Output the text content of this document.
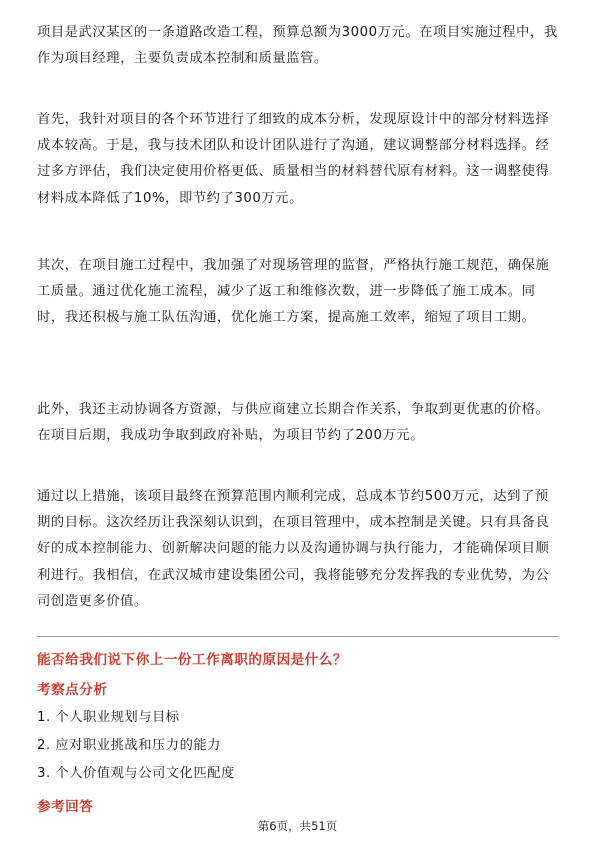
项目是武汉某区的一条道路改造工程，预算总额为3000万元。在项目实施过程中，我作为项目经理，主要负责成本控制和质量监管。

首先，我针对项目的各个环节进行了细致的成本分析，发现原设计中的部分材料选择成本较高。于是，我与技术团队和设计团队进行了沟通，建议调整部分材料选择。经过多方评估，我们决定使用价格更低、质量相当的材料替代原有材料。这一调整使得材料成本降低了10%，即节约了300万元。

其次，在项目施工过程中，我加强了对现场管理的监督，严格执行施工规范，确保施工质量。通过优化施工流程，减少了返工和维修次数，进一步降低了施工成本。同时，我还积极与施工队伍沟通，优化施工方案，提高施工效率，缩短了项目工期。

此外，我还主动协调各方资源，与供应商建立长期合作关系，争取到更优惠的价格。在项目后期，我成功争取到政府补贴，为项目节约了200万元。

通过以上措施，该项目最终在预算范围内顺利完成，总成本节约500万元，达到了预期的目标。这次经历让我深刻认识到，在项目管理中，成本控制是关键。只有具备良好的成本控制能力、创新解决问题的能力以及沟通协调与执行能力，才能确保项目顺利进行。我相信，在武汉城市建设集团公司，我将能够充分发挥我的专业优势，为公司创造更多价值。

能否给我们说下你上一份工作离职的原因是什么？

考察点分析

1. 个人职业规划与目标

2. 应对职业挑战和压力的能力

3. 个人价值观与公司文化匹配度

参考回答

第6页，共51页
